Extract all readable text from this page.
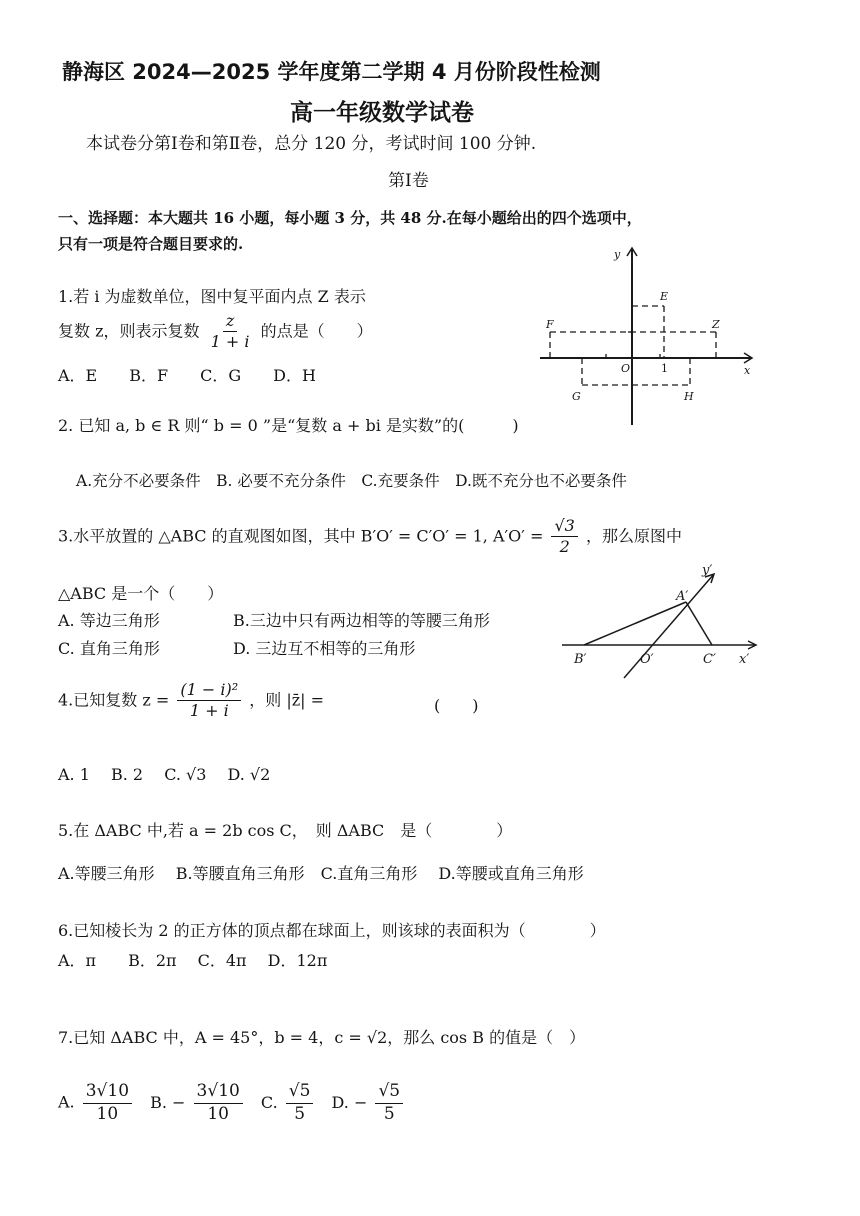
静海区 2024—2025 学年度第二学期 4 月份阶段性检测
高一年级数学试卷
本试卷分第Ⅰ卷和第Ⅱ卷，总分 120 分，考试时间 100 分钟.
第Ⅰ卷
一、选择题：本大题共 16 小题，每小题 3 分，共 48 分.在每小题给出的四个选项中，
只有一项是符合题目要求的.
1.若 i 为虚数单位，图中复平面内点 Z 表示
复数 z，则表示复数 $\frac{z}{1 + i}$ 的点是（　　）
A．E　　B．F　　C．G　　D．H
y
x
O
E
F	Z
G	H
1
2. 已知 a, b ∈ R 则“ b = 0 ”是“复数 a + bi 是实数”的(　　　)
A.充分不必要条件　B. 必要不充分条件　C.充要条件　D.既不充分也不必要条件
3.水平放置的 △ABC 的直观图如图，其中 B′O′ = C′O′ = 1, $A'O' = \frac{√3}{2}$ ，那么原图中
△ABC 是一个（　　）
A. 等边三角形	B.三边中只有两边相等的等腰三角形
C. 直角三角形	D. 三边互不相等的三角形
A′
B′	C′
O′	x′
y′
4.已知复数 $z = \frac{\text{(1 − i)²}}{1 + i}$ ，则 |z̄| =	(　　)
A. 1　 B. 2　 C. √3　 D. √2
5.在 ΔABC 中,若 a = 2b cos C，　则 ΔABC　是（　　　　）
A.等腰三角形　 B.等腰直角三角形　C.直角三角形　 D.等腰或直角三角形
6.已知棱长为 2 的正方体的顶点都在球面上，则该球的表面积为（　　　　）
A．π　　B．2π　 C．4π　 D．12π
7.已知 ΔABC 中，A = 45°，b = 4，c = √2，那么 cos B 的值是（　）
A. $\frac{3√10}{10} B$. − $\frac{3√10}{10} C$. $\frac{√5}{5} D$. − $\frac{√5}{5}$
